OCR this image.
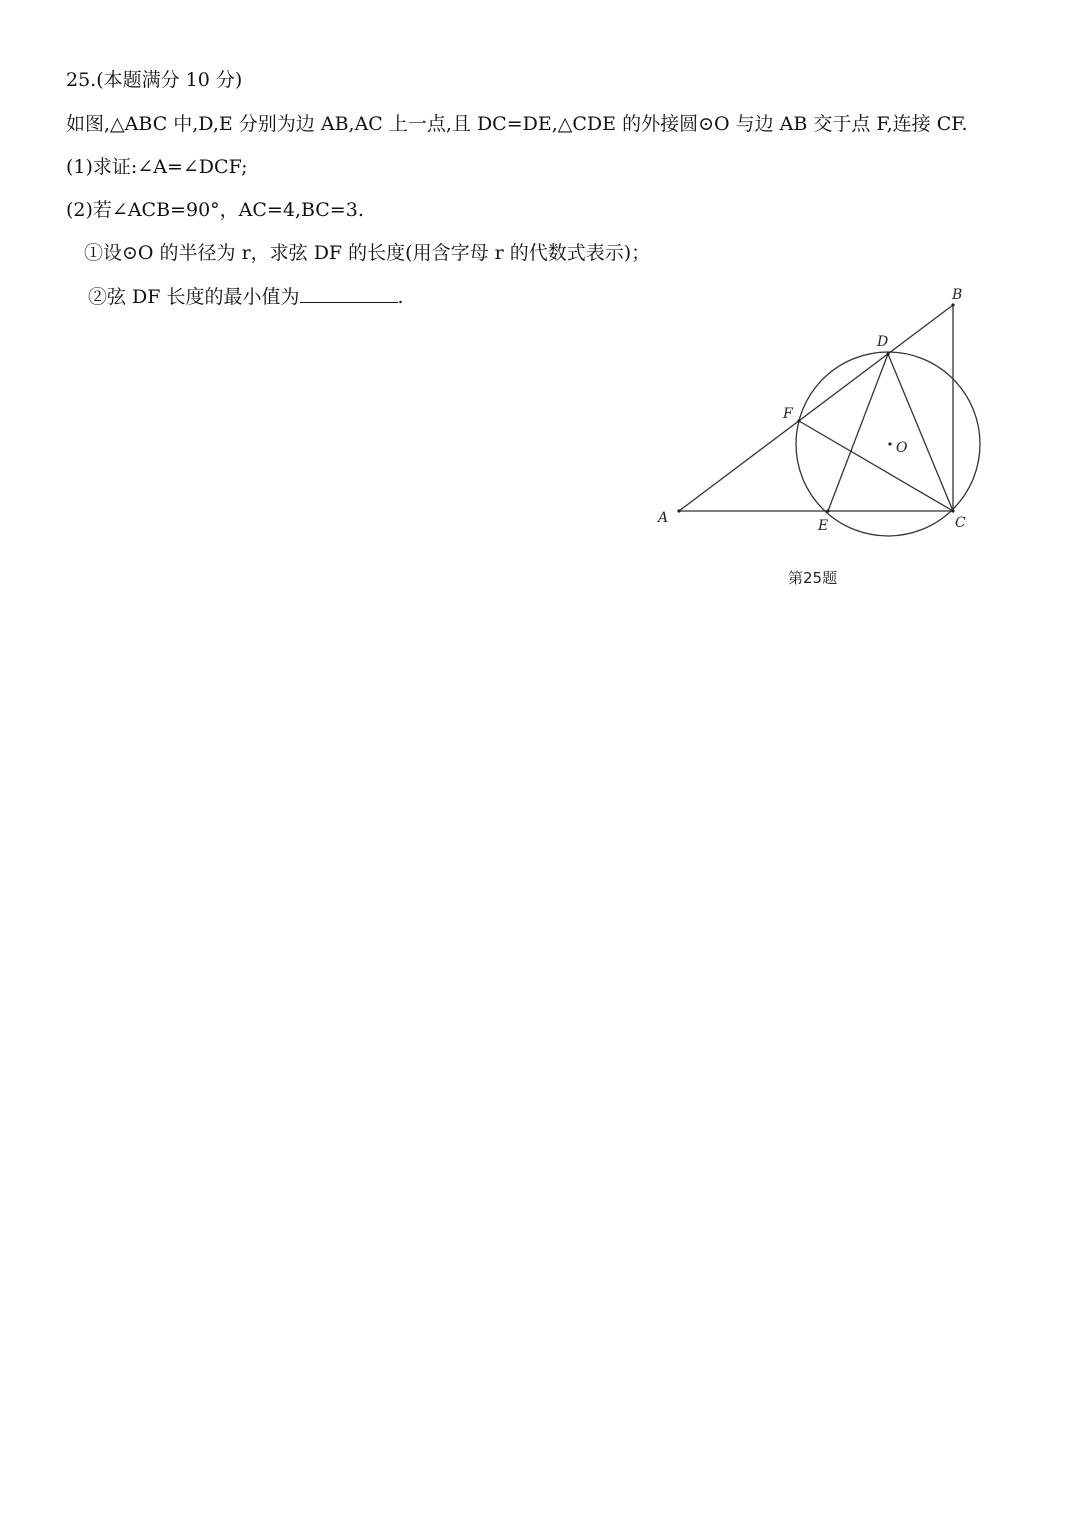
25.(本题满分 10 分)
如图,△ABC 中,D,E 分别为边 AB,AC 上一点,且 DC=DE,△CDE 的外接圆⊙O 与边 AB 交于点 F,连接 CF.
(1)求证:∠A=∠DCF;
(2)若∠ACB=90°，AC=4,BC=3.
①设⊙O 的半径为 r，求弦 DF 的长度(用含字母 r 的代数式表示)；
②弦 DF 长度的最小值为	.
A
B
C
D
E
F
O
第25题
